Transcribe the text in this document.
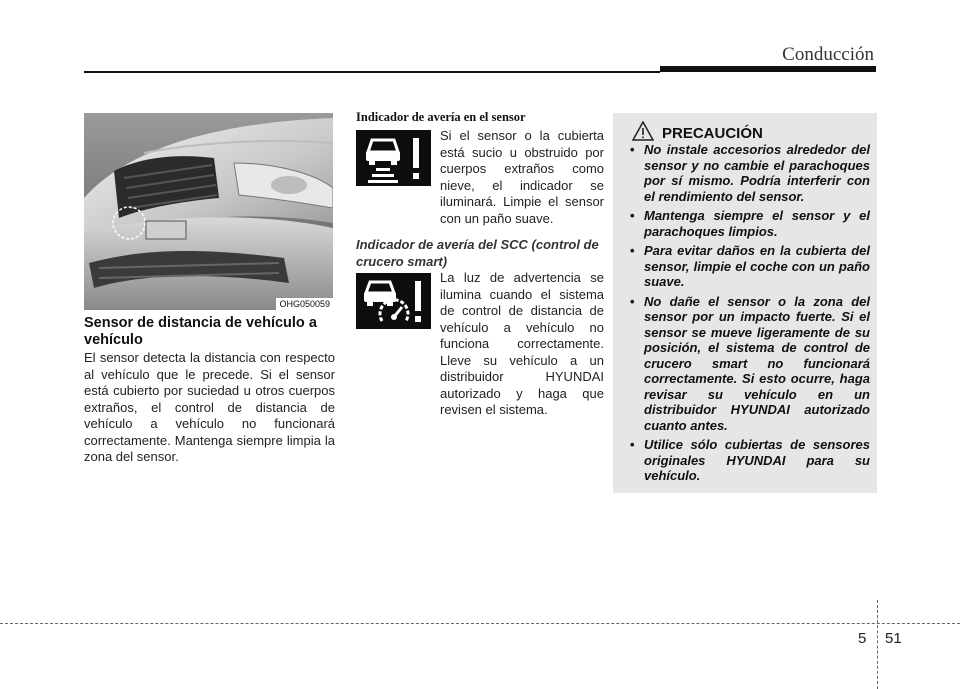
Conducción
OHG050059
Sensor de distancia de vehículo a vehículo
El sensor detecta la distancia con respecto al vehículo que le precede. Si el sensor está cubierto por suciedad u otros cuerpos extraños, el control de distancia de vehículo a vehículo no funcionará correctamente. Mantenga siempre limpia la zona del sensor.
Indicador de avería en el sensor
Si el sensor o la cubierta está sucio u obstruido por cuerpos extraños como nieve, el indicador se iluminará. Limpie el sensor con un paño suave.
Indicador de avería del SCC (control de crucero smart)
La luz de advertencia se ilumina cuando el sistema de control de distancia de vehículo a vehículo no funciona correctamente. Lleve su vehículo a un distribuidor HYUNDAI autorizado y haga que revisen el sistema.
PRECAUCIÓN
• No instale accesorios alrededor del sensor y no cambie el parachoques por sí mismo. Podría interferir con el rendimiento del sensor.
• Mantenga siempre el sensor y el parachoques limpios.
• Para evitar daños en la cubierta del sensor, limpie el coche con un paño suave.
• No dañe el sensor o la zona del sensor por un impacto fuerte. Si el sensor se mueve ligeramente de su posición, el sistema de control de crucero smart no funcionará correctamente. Si esto ocurre, haga revisar su vehículo en un distribuidor HYUNDAI autorizado cuanto antes.
• Utilice sólo cubiertas de sensores originales HYUNDAI para su vehículo.
5 51
